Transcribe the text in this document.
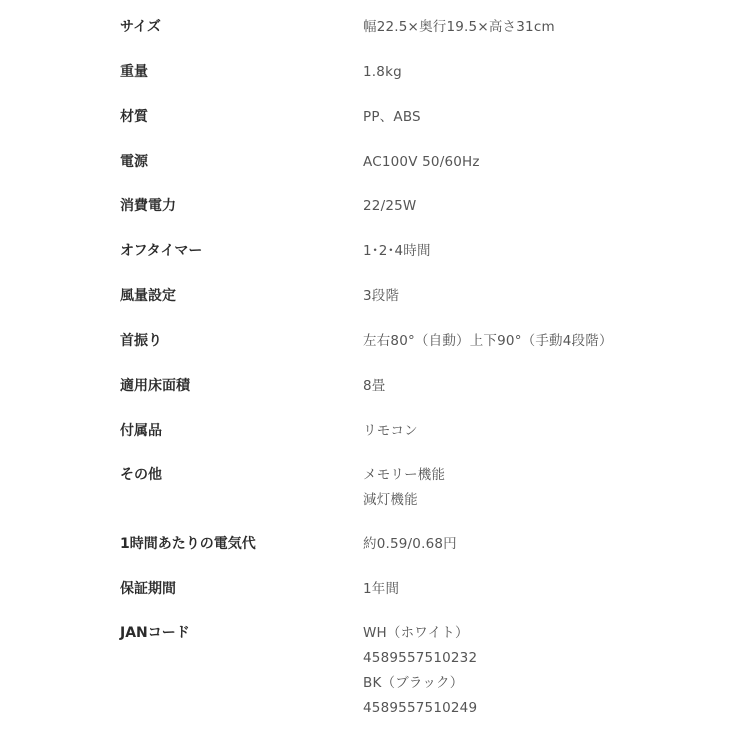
サイズ	幅22.5×奥行19.5×高さ31cm
重量	1.8kg
材質	PP、ABS
電源	AC100V 50/60Hz
消費電力	22/25W
オフタイマー	1･2･4時間
風量設定	3段階
首振り	左右80°（自動）上下90°（手動4段階）
適用床面積	8畳
付属品	リモコン
その他	メモリー機能
減灯機能
1時間あたりの電気代	約0.59/0.68円
保証期間	1年間
JANコード	WH（ホワイト）
4589557510232
BK（ブラック）
4589557510249
